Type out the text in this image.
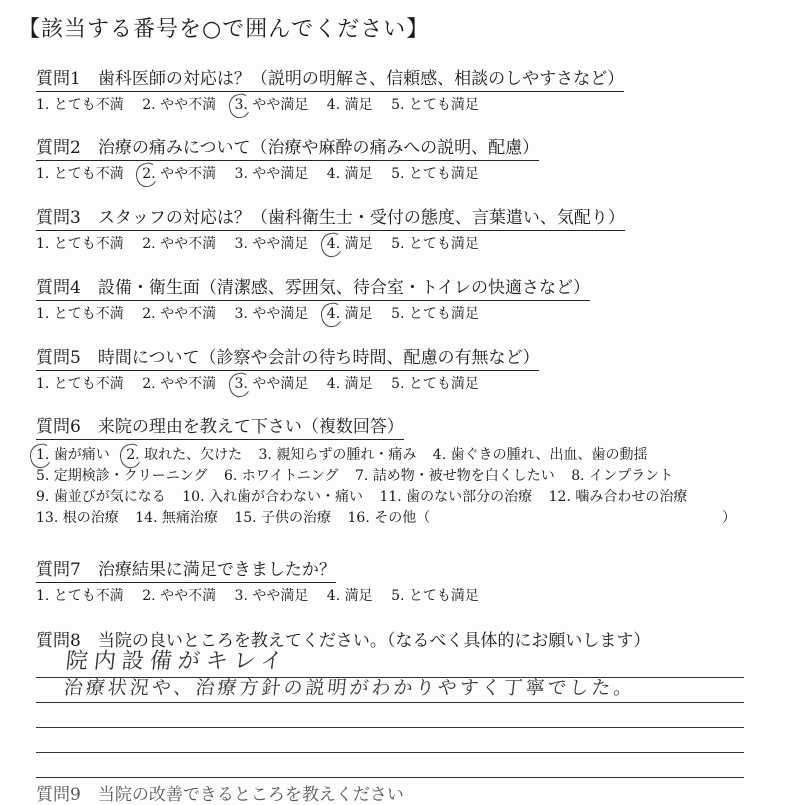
【該当する番号を○で囲んでください】
質問1　歯科医師の対応は？（説明の明解さ、信頼感、相談のしやすさなど）
1. とても不満 2. やや不満 3. やや満足 4. 満足 5. とても満足
質問2　治療の痛みについて（治療や麻酔の痛みへの説明、配慮）
1. とても不満 2. やや不満 3. やや満足 4. 満足 5. とても満足
質問3　スタッフの対応は？（歯科衛生士・受付の態度、言葉遣い、気配り）
1. とても不満 2. やや不満 3. やや満足 4. 満足 5. とても満足
質問4　設備・衛生面（清潔感、雰囲気、待合室・トイレの快適さなど）
1. とても不満 2. やや不満 3. やや満足 4. 満足 5. とても満足
質問5　時間について（診察や会計の待ち時間、配慮の有無など）
1. とても不満 2. やや不満 3. やや満足 4. 満足 5. とても満足
質問6　来院の理由を教えて下さい（複数回答）
1. 歯が痛い 2. 取れた、欠けた 3. 親知らずの腫れ・痛み 4. 歯ぐきの腫れ、出血、歯の動揺
5. 定期検診・クリーニング 6. ホワイトニング 7. 詰め物・被せ物を白くしたい 8. インプラント
9. 歯並びが気になる 10. 入れ歯が合わない・痛い 11. 歯のない部分の治療 12. 噛み合わせの治療
13. 根の治療 14. 無痛治療 15. 子供の治療 16. その他（	）
質問7　治療結果に満足できましたか？
1. とても不満 2. やや不満 3. やや満足 4. 満足 5. とても満足
質問8　当院の良いところを教えてください。（なるべく具体的にお願いします）
院内設備がキレイ
治療状況や、治療方針の説明がわかりやすく丁寧でした。
質問9　当院の改善できるところを教えください
